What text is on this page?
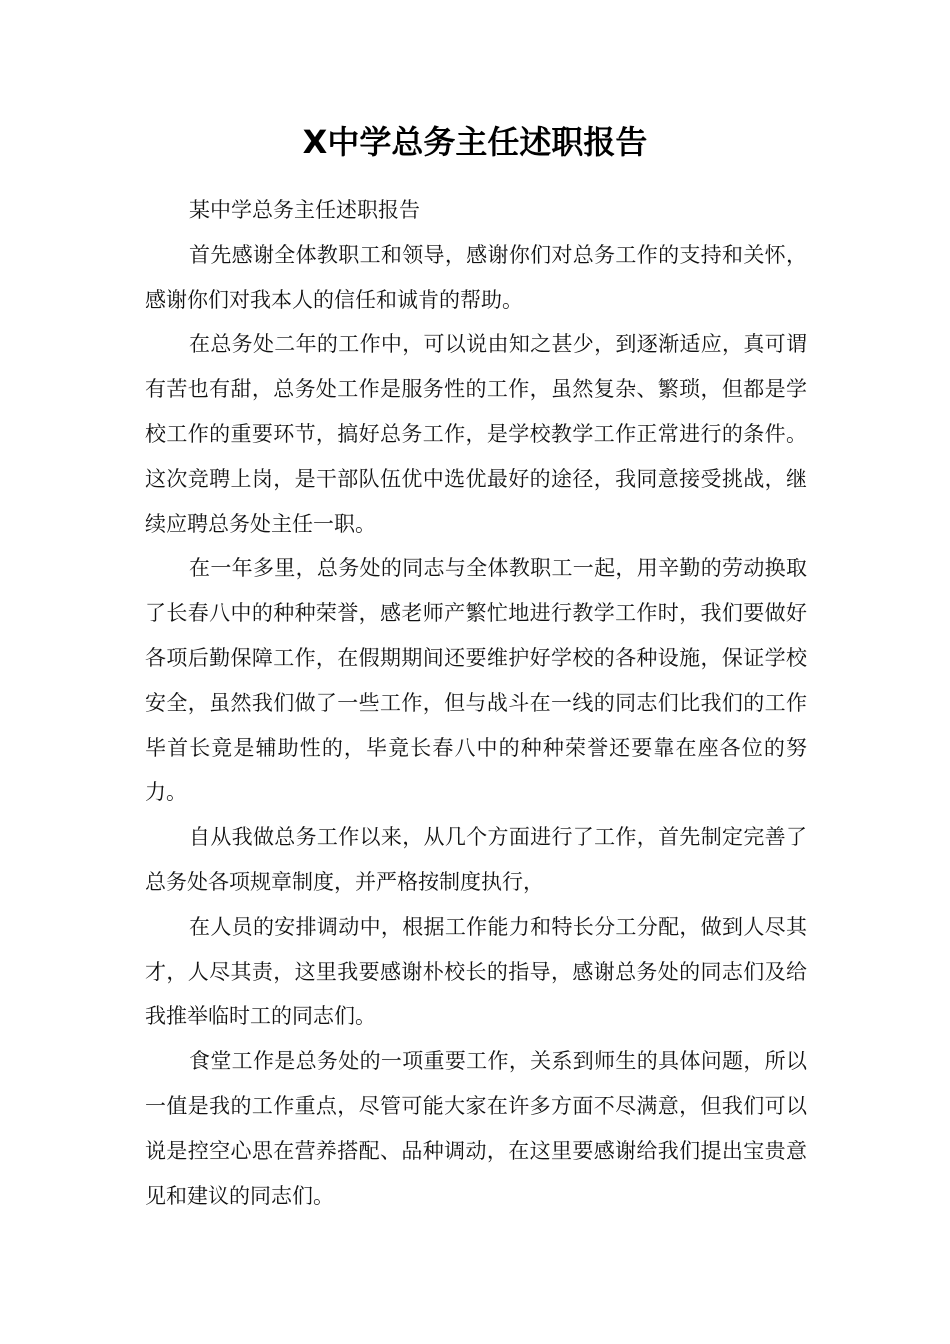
X中学总务主任述职报告

某中学总务主任述职报告

首先感谢全体教职工和领导，感谢你们对总务工作的支持和关怀，感谢你们对我本人的信任和诚肯的帮助。

在总务处二年的工作中，可以说由知之甚少，到逐渐适应，真可谓有苦也有甜，总务处工作是服务性的工作，虽然复杂、繁琐，但都是学校工作的重要环节，搞好总务工作，是学校教学工作正常进行的条件。这次竞聘上岗，是干部队伍优中选优最好的途径，我同意接受挑战，继续应聘总务处主任一职。

在一年多里，总务处的同志与全体教职工一起，用辛勤的劳动换取了长春八中的种种荣誉，感老师产繁忙地进行教学工作时，我们要做好各项后勤保障工作，在假期期间还要维护好学校的各种设施，保证学校安全，虽然我们做了一些工作，但与战斗在一线的同志们比我们的工作毕首长竟是辅助性的，毕竟长春八中的种种荣誉还要靠在座各位的努力。

自从我做总务工作以来，从几个方面进行了工作，首先制定完善了总务处各项规章制度，并严格按制度执行，

在人员的安排调动中，根据工作能力和特长分工分配，做到人尽其才，人尽其责，这里我要感谢朴校长的指导，感谢总务处的同志们及给我推举临时工的同志们。

食堂工作是总务处的一项重要工作，关系到师生的具体问题，所以一值是我的工作重点，尽管可能大家在许多方面不尽满意，但我们可以说是控空心思在营养搭配、品种调动，在这里要感谢给我们提出宝贵意见和建议的同志们。
